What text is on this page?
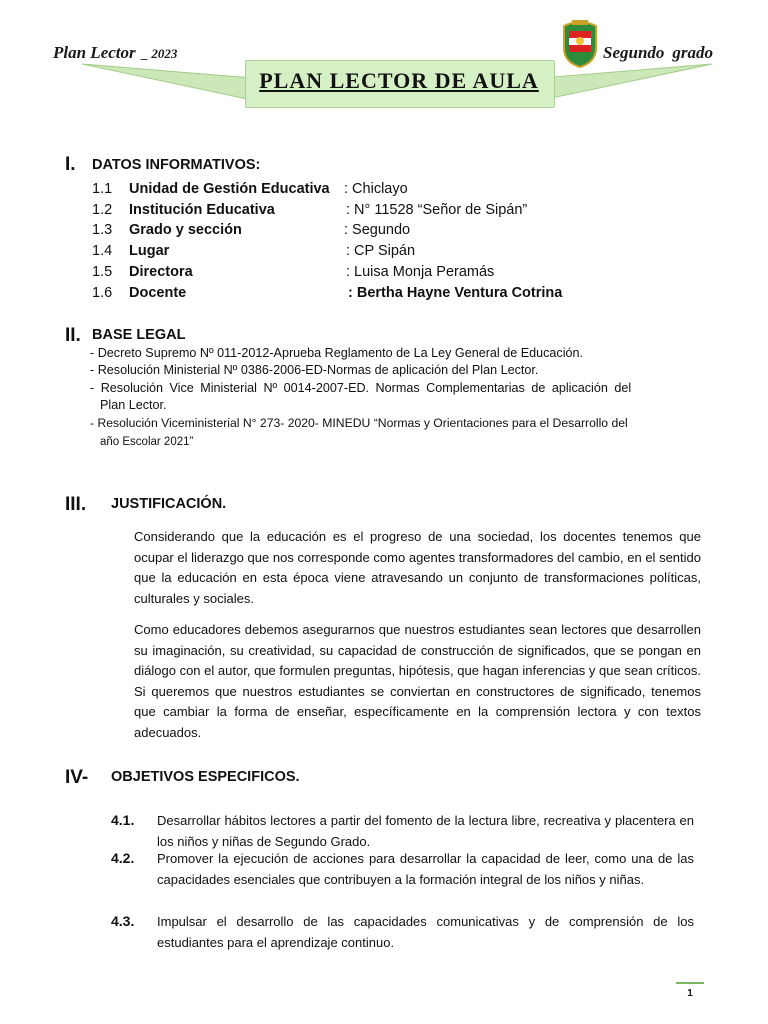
Plan Lector _ 2023
PLAN LECTOR DE AULA
Segundo grado
I. DATOS INFORMATIVOS:
1.1 Unidad de Gestión Educativa : Chiclayo
1.2 Institución Educativa	: N° 11528 “Señor de Sipán”
1.3 Grado y sección	: Segundo
1.4 Lugar	: CP Sipán
1.5 Directora	: Luisa Monja Peramás
1.6 Docente	: Bertha Hayne Ventura Cotrina
II. BASE LEGAL
- Decreto Supremo Nº 011-2012-Aprueba Reglamento de La Ley General de Educación.
- Resolución Ministerial Nº 0386-2006-ED-Normas de aplicación del Plan Lector.
- Resolución Vice Ministerial Nº 0014-2007-ED. Normas Complementarias de aplicación del
Plan Lector.
- Resolución Viceministerial N° 273- 2020- MINEDU “Normas y Orientaciones para el Desarrollo del
año Escolar 2021”
III. JUSTIFICACIÓN.
Considerando que la educación es el progreso de una sociedad, los docentes tenemos que ocupar el liderazgo que nos corresponde como agentes transformadores del cambio, en el sentido que la educación en esta época viene atravesando un conjunto de transformaciones políticas, culturales y sociales.
Como educadores debemos asegurarnos que nuestros estudiantes sean lectores que desarrollen su imaginación, su creatividad, su capacidad de construcción de significados, que se pongan en diálogo con el autor, que formulen preguntas, hipótesis, que hagan inferencias y que sean críticos. Si queremos que nuestros estudiantes se conviertan en constructores de significado, tenemos que cambiar la forma de enseñar, específicamente en la comprensión lectora y con textos adecuados.
IV- OBJETIVOS ESPECIFICOS.
4.1. Desarrollar hábitos lectores a partir del fomento de la lectura libre, recreativa y placentera en los niños y niñas de Segundo Grado.
4.2. Promover la ejecución de acciones para desarrollar la capacidad de leer, como una de las capacidades esenciales que contribuyen a la formación integral de los niños y niñas.
4.3. Impulsar el desarrollo de las capacidades comunicativas y de comprensión de los estudiantes para el aprendizaje continuo.
1
